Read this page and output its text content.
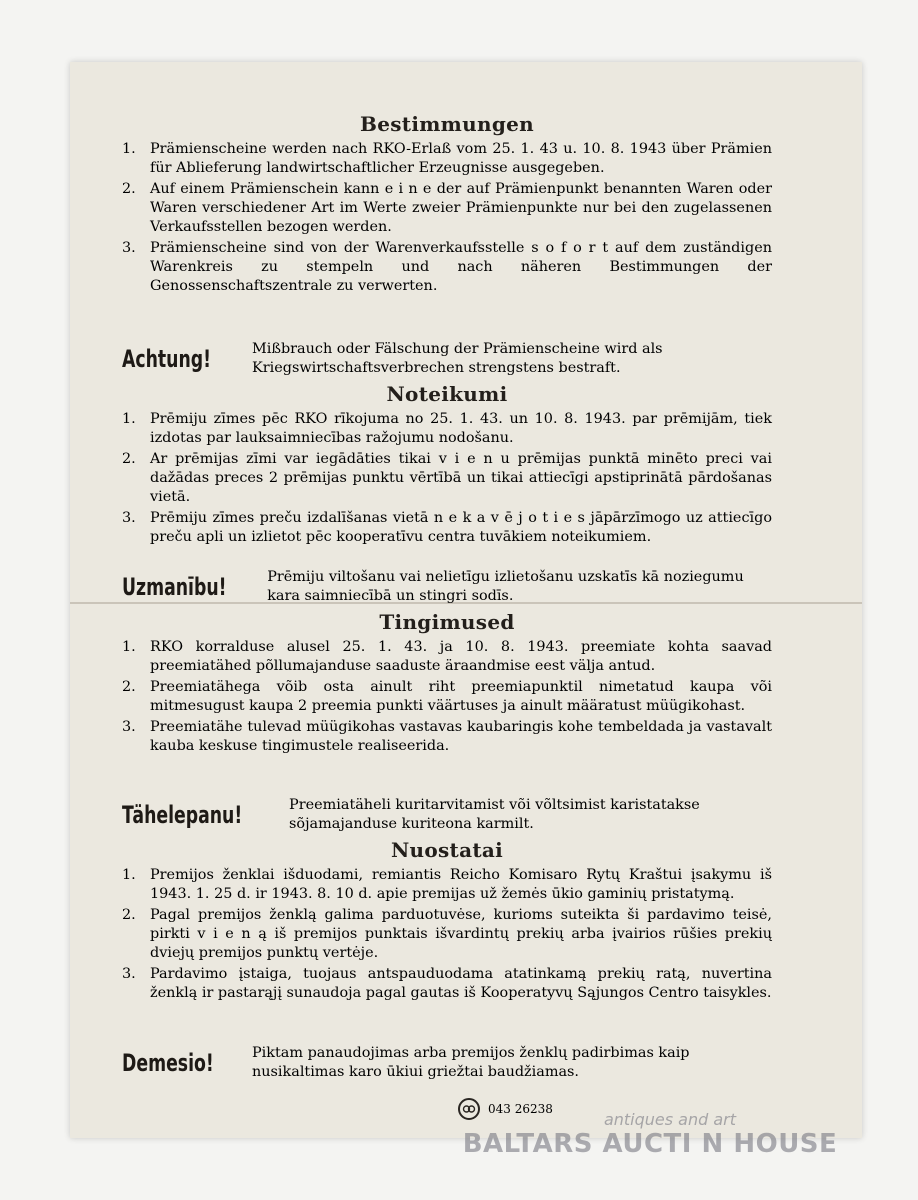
Bestimmungen
1. Prämienscheine werden nach RKO-Erlaß vom 25. 1. 43 u. 10. 8. 1943 über Prämien für Ablieferung landwirtschaftlicher Erzeugnisse ausgegeben.
2. Auf einem Prämienschein kann e i n e der auf Prämienpunkt benannten Waren oder Waren verschiedener Art im Werte zweier Prämienpunkte nur bei den zugelassenen Verkaufsstellen bezogen werden.
3. Prämienscheine sind von der Warenverkaufsstelle s o f o r t auf dem zuständigen Warenkreis zu stempeln und nach näheren Bestimmungen der Genossenschaftszentrale zu verwerten.
Achtung!	Mißbrauch oder Fälschung der Prämienscheine wird als Kriegswirtschaftsverbrechen strengstens bestraft.
Noteikumi
1. Prēmiju zīmes pēc RKO rīkojuma no 25. 1. 43. un 10. 8. 1943. par prēmijām, tiek izdotas par lauksaimniecības ražojumu nodošanu.
2. Ar prēmijas zīmi var iegādāties tikai v i e n u prēmijas punktā minēto preci vai dažādas preces 2 prēmijas punktu vērtībā un tikai attiecīgi apstiprinātā pārdošanas vietā.
3. Prēmiju zīmes preču izdalīšanas vietā n e k a v ē j o t i e s jāpārzīmogo uz attiecīgo preču apli un izlietot pēc kooperatīvu centra tuvākiem noteikumiem.
Uzmanību!	Prēmiju viltošanu vai nelietīgu izlietošanu uzskatīs kā noziegumu kara saimniecībā un stingri sodīs.
Tingimused
1. RKO korralduse alusel 25. 1. 43. ja 10. 8. 1943. preemiate kohta saavad preemiatähed põllumajanduse saaduste äraandmise eest välja antud.
2. Preemiatähega võib osta ainult riht preemiapunktil nimetatud kaupa või mitmesugust kaupa 2 preemia punkti väärtuses ja ainult määratust müügikohast.
3. Preemiatähe tulevad müügikohas vastavas kaubaringis kohe tembeldada ja vastavalt kauba keskuse tingimustele realiseerida.
Tähelepanu!	Preemiatäheli kuritarvitamist või võltsimist karistatakse sõjamajanduse kuriteona karmilt.
Nuostatai
1. Premijos ženklai išduodami, remiantis Reicho Komisaro Rytų Kraštui įsakymu iš 1943. 1. 25 d. ir 1943. 8. 10 d. apie premijas už žemės ūkio gaminių pristatymą.
2. Pagal premijos ženklą galima parduotuvėse, kurioms suteikta ši pardavimo teisė, pirkti v i e n ą iš premijos punktais išvardintų prekių arba įvairios rūšies prekių dviejų premijos punktų vertėje.
3. Pardavimo įstaiga, tuojaus antspauduodama atatinkamą prekių ratą, nuvertina ženklą ir pastarąjį sunaudoja pagal gautas iš Kooperatyvų Sąjungos Centro taisykles.
Demesio!	Piktam panaudojimas arba premijos ženklų padirbimas kaip nusikaltimas karo ūkiui griežtai baudžiamas.
043 26238
antiques and art
BALTARS AUCTI N HOUSE
